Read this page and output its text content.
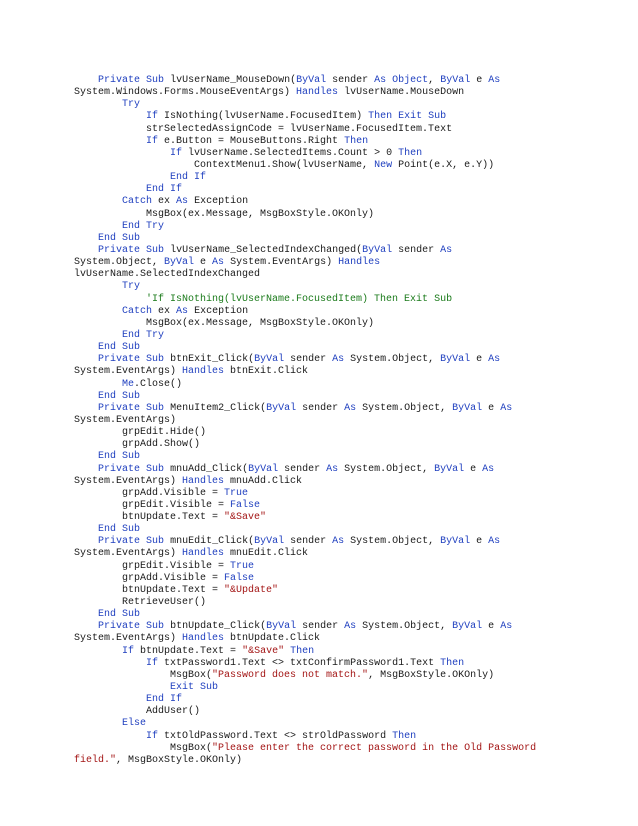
Private Sub lvUserName_MouseDown(ByVal sender As Object, ByVal e As
System.Windows.Forms.MouseEventArgs) Handles lvUserName.MouseDown
Try
If IsNothing(lvUserName.FocusedItem) Then Exit Sub
strSelectedAssignCode = lvUserName.FocusedItem.Text
If e.Button = MouseButtons.Right Then
If lvUserName.SelectedItems.Count > 0 Then
ContextMenu1.Show(lvUserName, New Point(e.X, e.Y))
End If
End If
Catch ex As Exception
MsgBox(ex.Message, MsgBoxStyle.OKOnly)
End Try
End Sub
Private Sub lvUserName_SelectedIndexChanged(ByVal sender As
System.Object, ByVal e As System.EventArgs) Handles
lvUserName.SelectedIndexChanged
Try
'If IsNothing(lvUserName.FocusedItem) Then Exit Sub
Catch ex As Exception
MsgBox(ex.Message, MsgBoxStyle.OKOnly)
End Try
End Sub
Private Sub btnExit_Click(ByVal sender As System.Object, ByVal e As
System.EventArgs) Handles btnExit.Click
Me.Close()
End Sub
Private Sub MenuItem2_Click(ByVal sender As System.Object, ByVal e As
System.EventArgs)
grpEdit.Hide()
grpAdd.Show()
End Sub
Private Sub mnuAdd_Click(ByVal sender As System.Object, ByVal e As
System.EventArgs) Handles mnuAdd.Click
grpAdd.Visible = True
grpEdit.Visible = False
btnUpdate.Text = "&Save"
End Sub
Private Sub mnuEdit_Click(ByVal sender As System.Object, ByVal e As
System.EventArgs) Handles mnuEdit.Click
grpEdit.Visible = True
grpAdd.Visible = False
btnUpdate.Text = "&Update"
RetrieveUser()
End Sub
Private Sub btnUpdate_Click(ByVal sender As System.Object, ByVal e As
System.EventArgs) Handles btnUpdate.Click
If btnUpdate.Text = "&Save" Then
If txtPassword1.Text <> txtConfirmPassword1.Text Then
MsgBox("Password does not match.", MsgBoxStyle.OKOnly)
Exit Sub
End If
AddUser()
Else
If txtOldPassword.Text <> strOldPassword Then
MsgBox("Please enter the correct password in the Old Password
field.", MsgBoxStyle.OKOnly)
